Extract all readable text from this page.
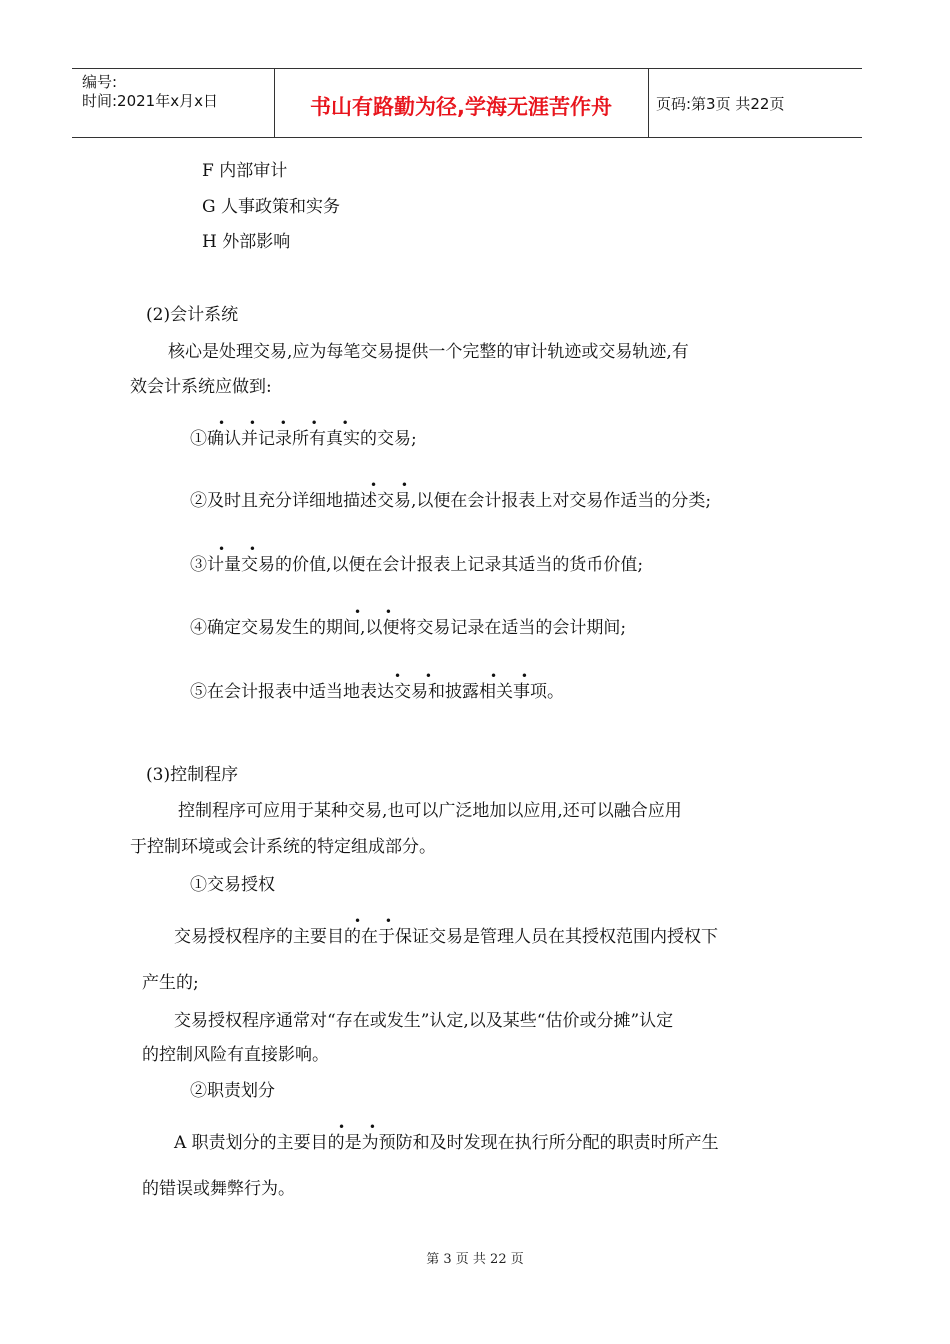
编号:
时间:2021年x月x日	书山有路勤为径,学海无涯苦作舟	页码:第3页 共22页
F 内部审计
G 人事政策和实务
H 外部影响
(2)会计系统
核心是处理交易,应为每笔交易提供一个完整的审计轨迹或交易轨迹,有
效会计系统应做到:
• • • • •
①确认并记录所有真实的交易;
• •
②及时且充分详细地描述交易,以便在会计报表上对交易作适当的分类;
• •
③计量交易的价值,以便在会计报表上记录其适当的货币价值;
• •
④确定交易发生的期间,以便将交易记录在适当的会计期间;
• •	• •
⑤在会计报表中适当地表达交易和披露相关事项。
(3)控制程序
控制程序可应用于某种交易,也可以广泛地加以应用,还可以融合应用
于控制环境或会计系统的特定组成部分。
①交易授权
• •
交易授权程序的主要目的在于保证交易是管理人员在其授权范围内授权下
产生的;
交易授权程序通常对“存在或发生”认定,以及某些“估价或分摊”认定
的控制风险有直接影响。
②职责划分
• •
A 职责划分的主要目的是为预防和及时发现在执行所分配的职责时所产生
的错误或舞弊行为。
第 3 页 共 22 页
